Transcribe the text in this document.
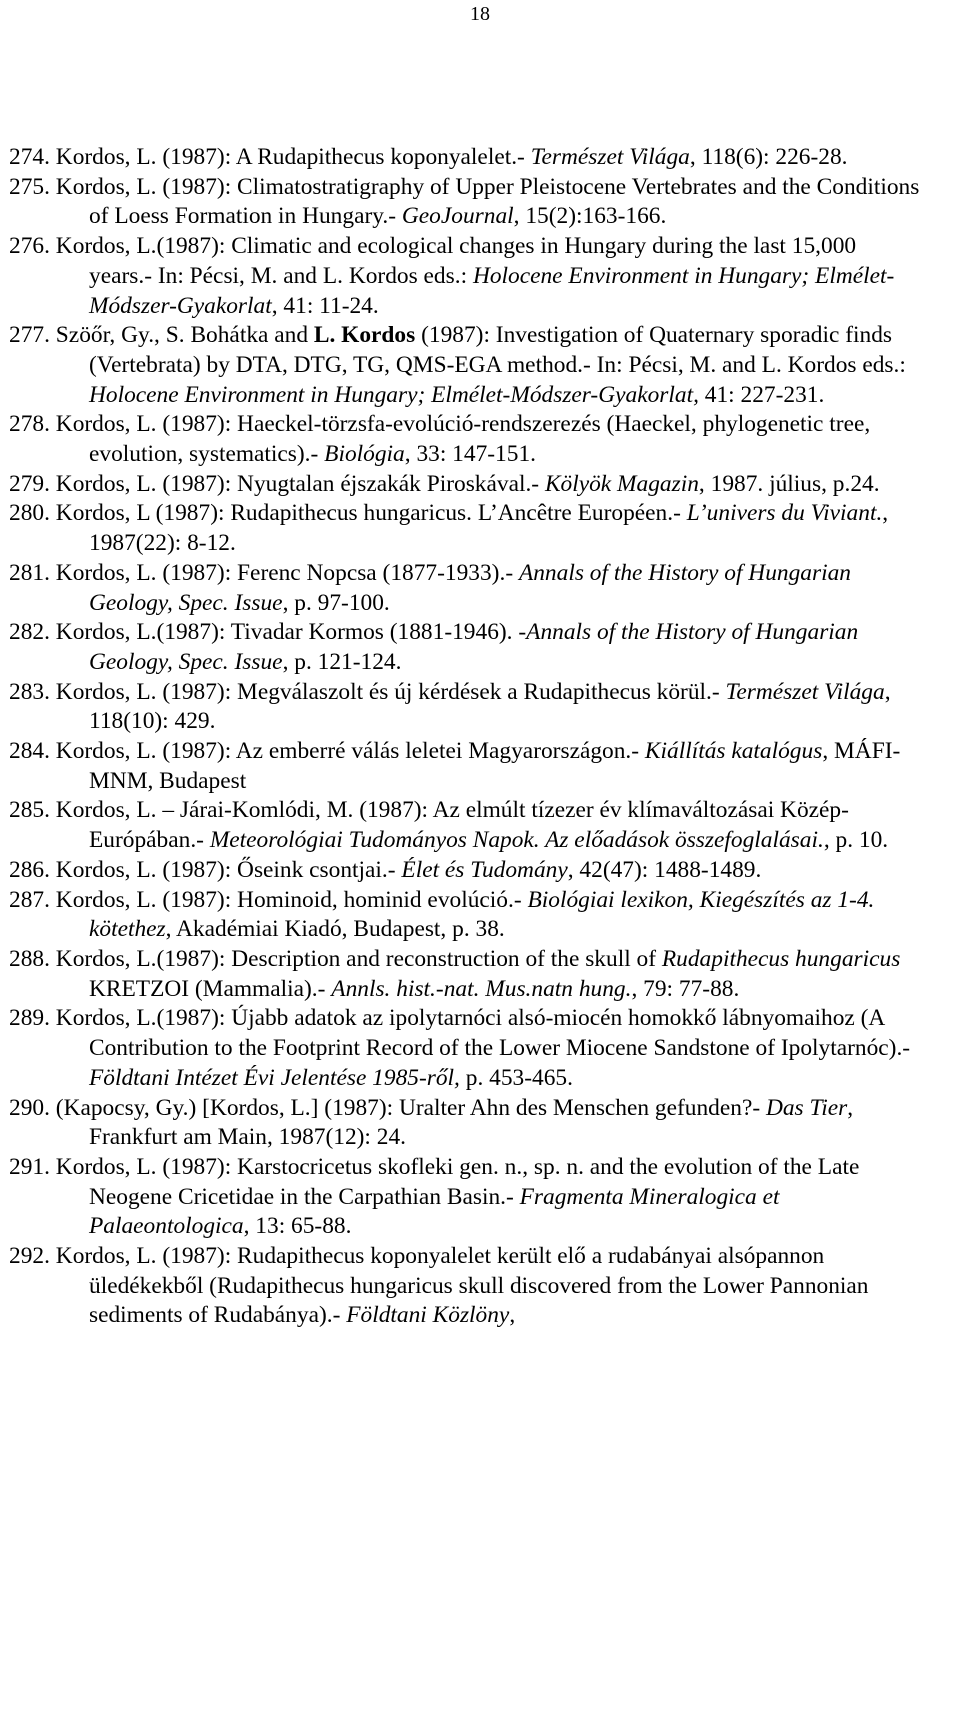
18
274. Kordos, L. (1987): A Rudapithecus koponyalelet.- Természet Világa, 118(6): 226-28.
275. Kordos, L. (1987): Climatostratigraphy of Upper Pleistocene Vertebrates and the Conditions of Loess Formation in Hungary.- GeoJournal, 15(2):163-166.
276. Kordos, L.(1987): Climatic and ecological changes in Hungary during the last 15,000 years.- In: Pécsi, M. and L. Kordos eds.: Holocene Environment in Hungary; Elmélet-Módszer-Gyakorlat, 41: 11-24.
277. Szöőr, Gy., S. Bohátka and L. Kordos (1987): Investigation of Quaternary sporadic finds (Vertebrata) by DTA, DTG, TG, QMS-EGA method.- In: Pécsi, M. and L. Kordos eds.: Holocene Environment in Hungary; Elmélet-Módszer-Gyakorlat, 41: 227-231.
278. Kordos, L. (1987): Haeckel-törzsfa-evolúció-rendszerezés (Haeckel, phylogenetic tree, evolution, systematics).- Biológia, 33: 147-151.
279. Kordos, L. (1987): Nyugtalan éjszakák Piroskával.- Kölyök Magazin, 1987. július, p.24.
280. Kordos, L (1987): Rudapithecus hungaricus. L’Ancêtre Européen.- L’univers du Viviant., 1987(22): 8-12.
281. Kordos, L. (1987): Ferenc Nopcsa (1877-1933).- Annals of the History of Hungarian Geology, Spec. Issue, p. 97-100.
282. Kordos, L.(1987): Tivadar Kormos (1881-1946). -Annals of the History of Hungarian Geology, Spec. Issue, p. 121-124.
283. Kordos, L. (1987): Megválaszolt és új kérdések a Rudapithecus körül.- Természet Világa, 118(10): 429.
284. Kordos, L. (1987): Az emberré válás leletei Magyarországon.- Kiállítás katalógus, MÁFI-MNM, Budapest
285. Kordos, L. – Járai-Komlódi, M. (1987): Az elmúlt tízezer év klímaváltozásai Közép-Európában.- Meteorológiai Tudományos Napok. Az előadások összefoglalásai., p. 10.
286. Kordos, L. (1987): Őseink csontjai.- Élet és Tudomány, 42(47): 1488-1489.
287. Kordos, L. (1987): Hominoid, hominid evolúció.- Biológiai lexikon, Kiegészítés az 1-4. kötethez, Akadémiai Kiadó, Budapest, p. 38.
288. Kordos, L.(1987): Description and reconstruction of the skull of Rudapithecus hungaricus KRETZOI (Mammalia).- Annls. hist.-nat. Mus.natn hung., 79: 77-88.
289. Kordos, L.(1987): Újabb adatok az ipolytarnóci alsó-miocén homokkő lábnyomaihoz (A Contribution to the Footprint Record of the Lower Miocene Sandstone of Ipolytarnóc).- Földtani Intézet Évi Jelentése 1985-ről, p. 453-465.
290. (Kapocsy, Gy.) [Kordos, L.] (1987): Uralter Ahn des Menschen gefunden?- Das Tier, Frankfurt am Main, 1987(12): 24.
291. Kordos, L. (1987): Karstocricetus skofleki gen. n., sp. n. and the evolution of the Late Neogene Cricetidae in the Carpathian Basin.- Fragmenta Mineralogica et Palaeontologica, 13: 65-88.
292. Kordos, L. (1987): Rudapithecus koponyalelet került elő a rudabányai alsópannon üledékekből (Rudapithecus hungaricus skull discovered from the Lower Pannonian sediments of Rudabánya).- Földtani Közlöny,
